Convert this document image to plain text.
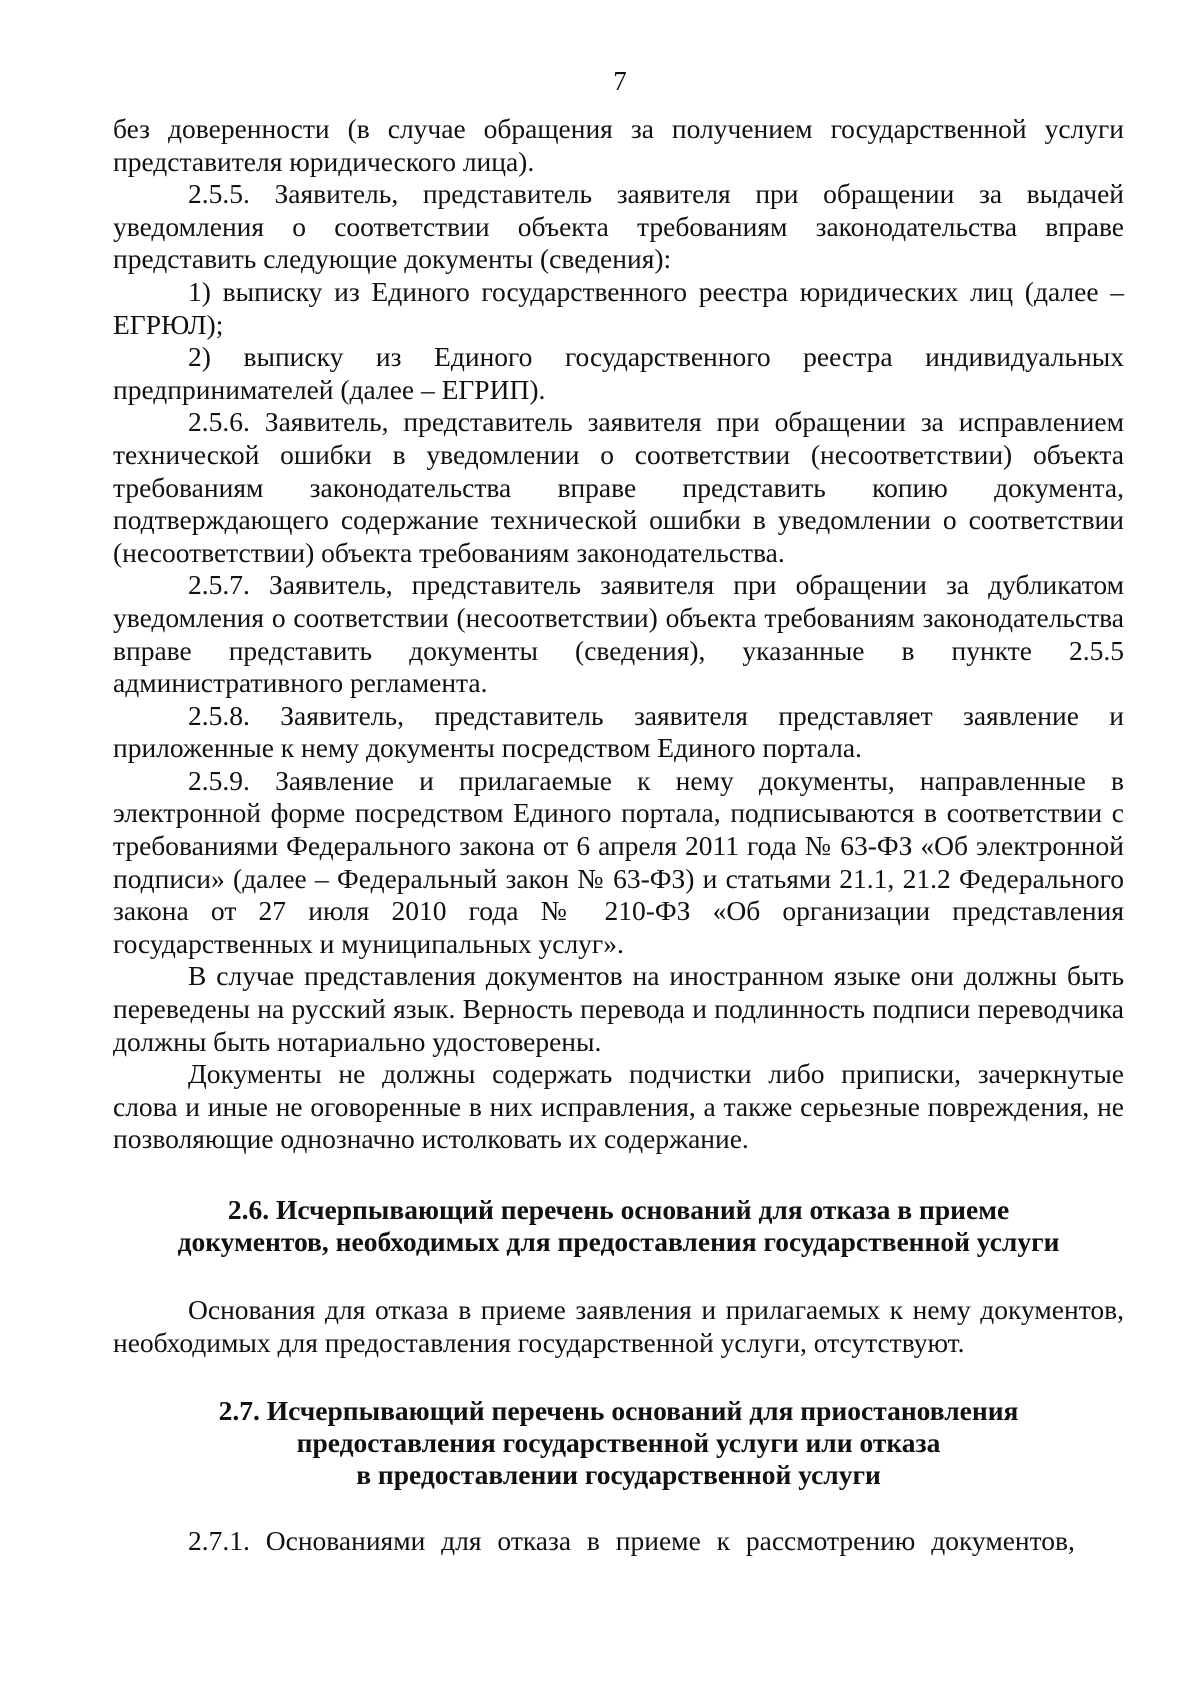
7

без доверенности (в случае обращения за получением государственной услуги представителя юридического лица).

2.5.5. Заявитель, представитель заявителя при обращении за выдачей уведомления о соответствии объекта требованиям законодательства вправе представить следующие документы (сведения):

1) выписку из Единого государственного реестра юридических лиц (далее – ЕГРЮЛ);

2) выписку из Единого государственного реестра индивидуальных предпринимателей (далее – ЕГРИП).

2.5.6. Заявитель, представитель заявителя при обращении за исправлением технической ошибки в уведомлении о соответствии (несоответствии) объекта требованиям законодательства вправе представить копию документа, подтверждающего содержание технической ошибки в уведомлении о соответствии (несоответствии) объекта требованиям законодательства.

2.5.7. Заявитель, представитель заявителя при обращении за дубликатом уведомления о соответствии (несоответствии) объекта требованиям законодательства вправе представить документы (сведения), указанные в пункте 2.5.5 административного регламента.

2.5.8. Заявитель, представитель заявителя представляет заявление и приложенные к нему документы посредством Единого портала.

2.5.9. Заявление и прилагаемые к нему документы, направленные в электронной форме посредством Единого портала, подписываются в соответствии с требованиями Федерального закона от 6 апреля 2011 года № 63-ФЗ «Об электронной подписи» (далее – Федеральный закон № 63-ФЗ) и статьями 21.1, 21.2 Федерального закона от 27 июля 2010 года № 210-ФЗ «Об организации представления государственных и муниципальных услуг».

В случае представления документов на иностранном языке они должны быть переведены на русский язык. Верность перевода и подлинность подписи переводчика должны быть нотариально удостоверены.

Документы не должны содержать подчистки либо приписки, зачеркнутые слова и иные не оговоренные в них исправления, а также серьезные повреждения, не позволяющие однозначно истолковать их содержание.

2.6. Исчерпывающий перечень оснований для отказа в приеме
документов, необходимых для предоставления государственной услуги

Основания для отказа в приеме заявления и прилагаемых к нему документов, необходимых для предоставления государственной услуги, отсутствуют.

2.7. Исчерпывающий перечень оснований для приостановления
предоставления государственной услуги или отказа
в предоставлении государственной услуги

2.7.1. Основаниями для отказа в приеме к рассмотрению документов,
